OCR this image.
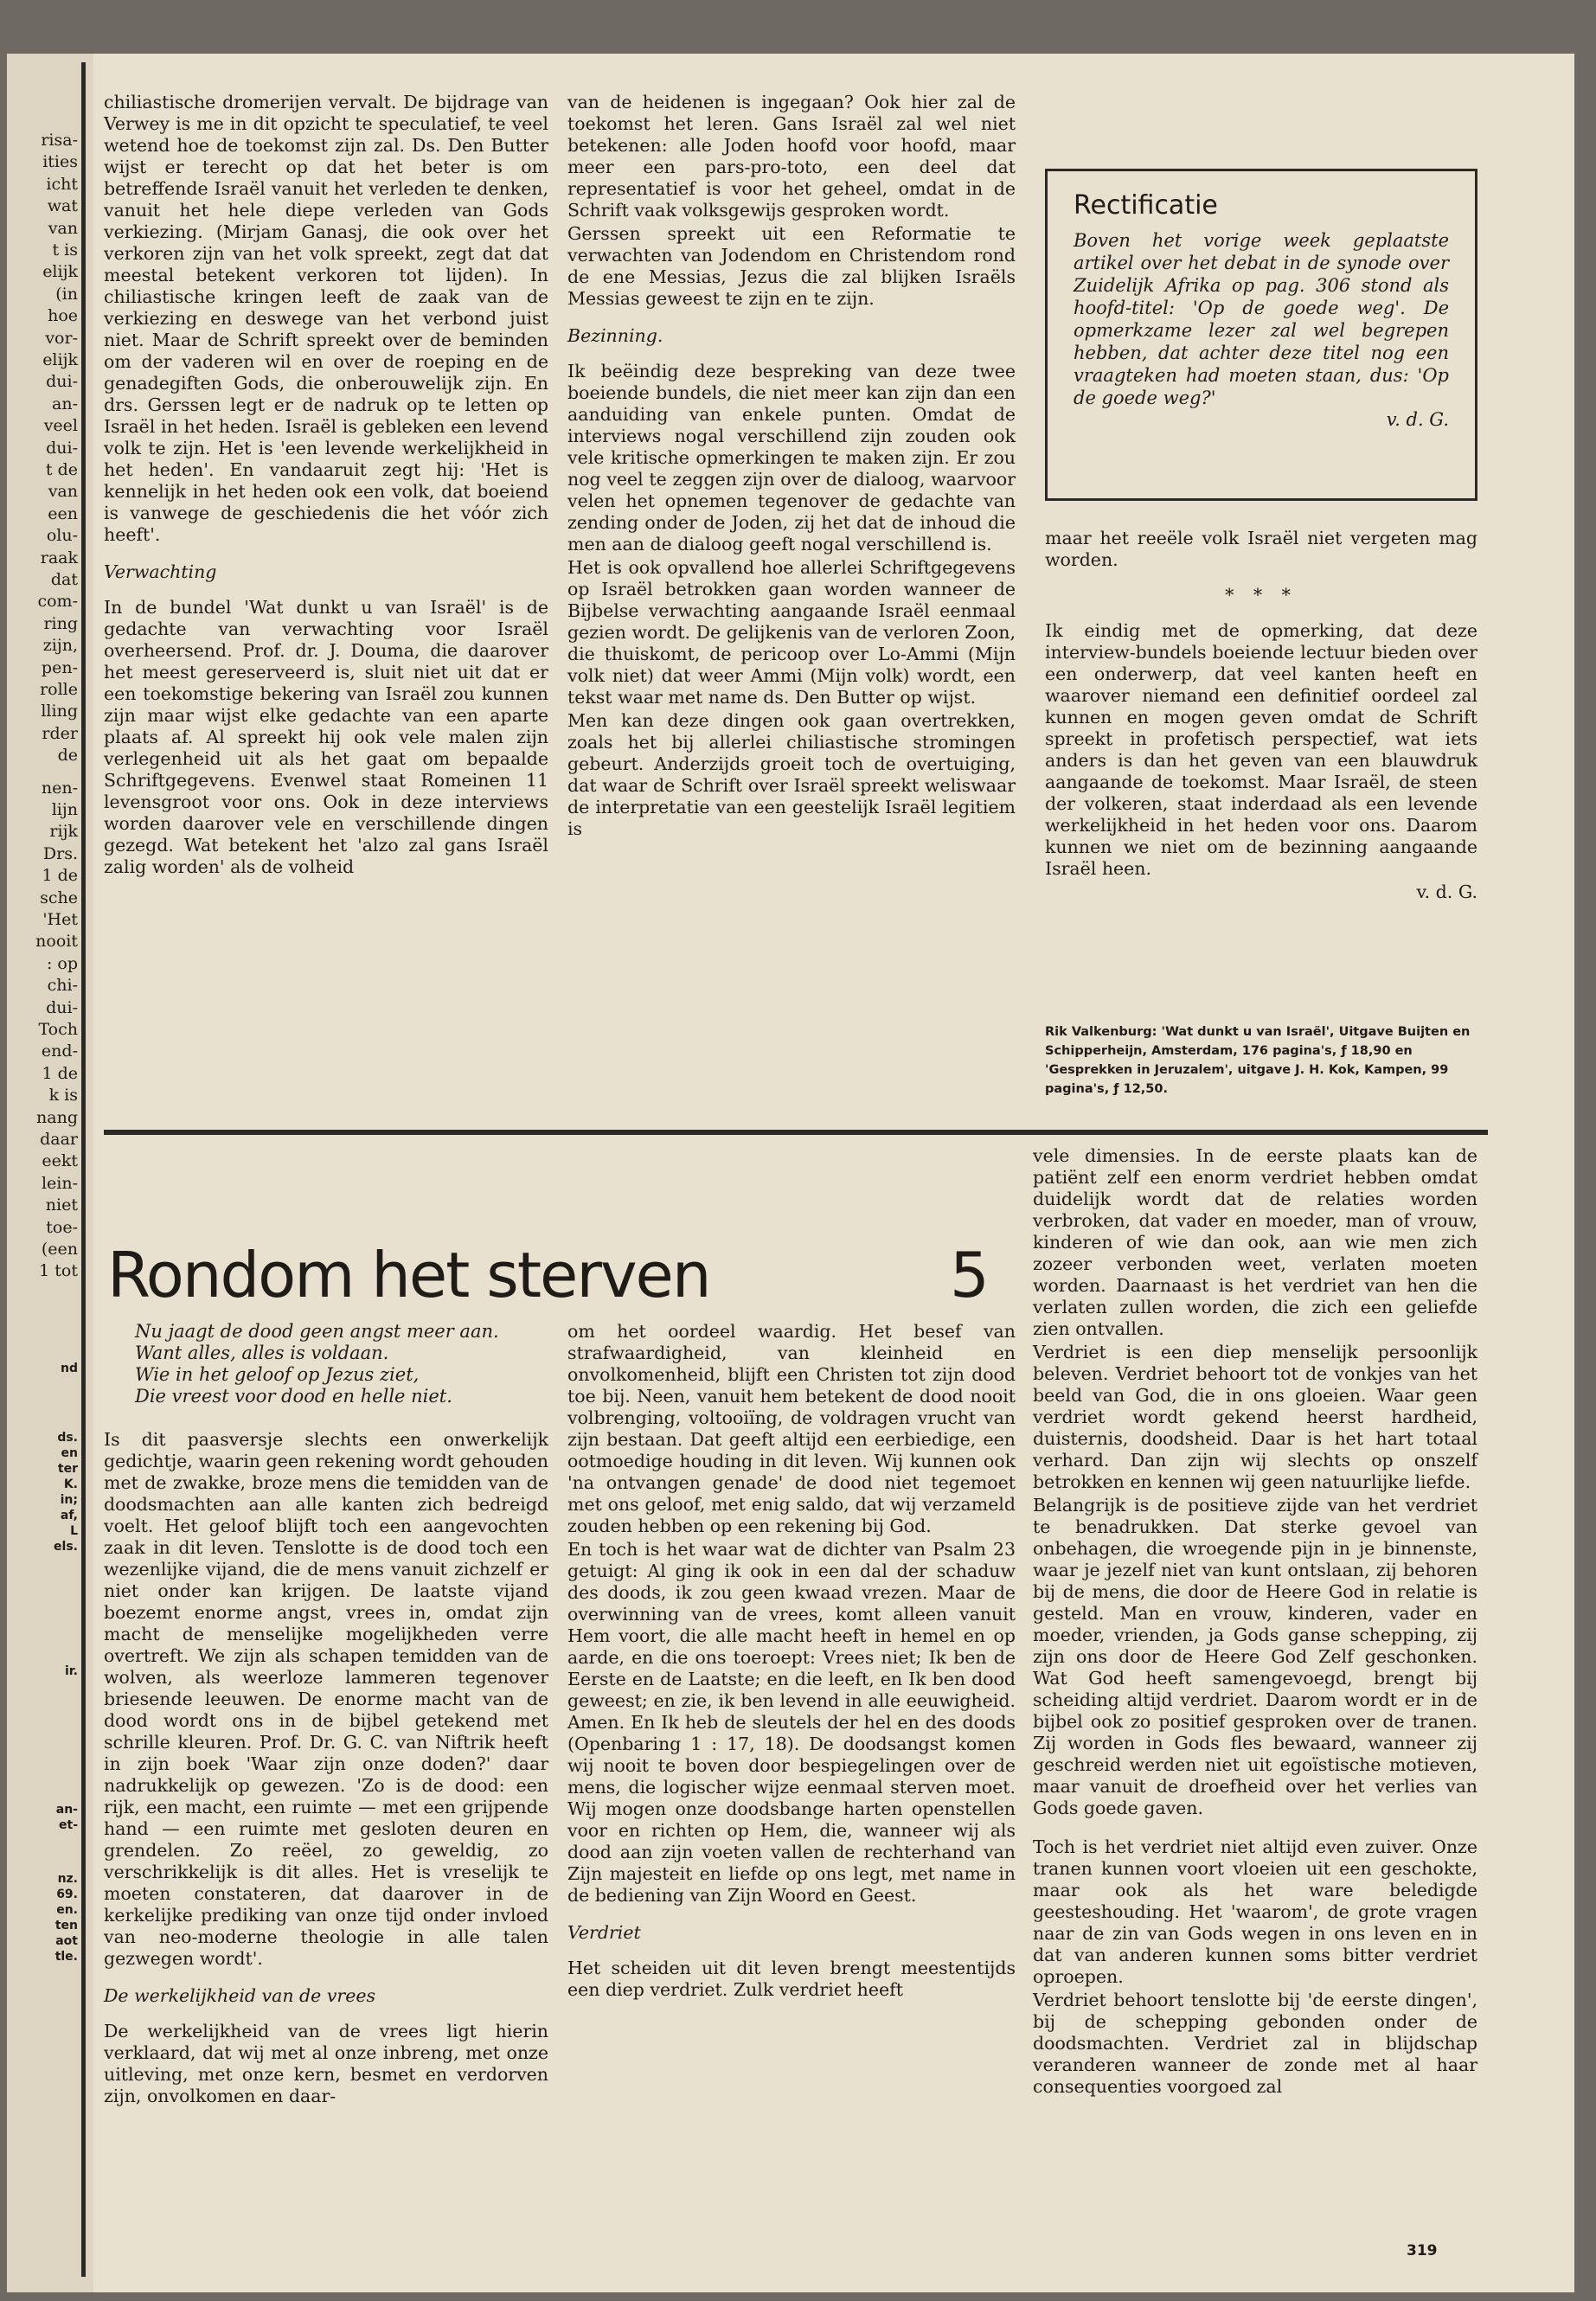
risa-
ities
icht
wat
van
t is
elijk
(in
hoe
vor-
elijk
dui-
an-
veel
dui-
t de
van
een
olu-
raak
dat
com-
ring
zijn,
pen-
rolle
lling
rder
de
nen-
lijn
rijk
Drs.
1 de
sche
'Het
nooit
: op
chi-
dui-
Toch
end-
1 de
k is
nang
daar
eekt
lein-
niet
toe-
(een
1 tot
nd
ds.
en
ter
K.
in;
af,
L
els.
ir.
an-
et-
nz.
69.
en.
ten
aot
tle.

chiliastische dromerijen vervalt. De bijdrage van Verwey is me in dit opzicht te speculatief, te veel wetend hoe de toekomst zijn zal. Ds. Den Butter wijst er terecht op dat het beter is om betreffende Israël vanuit het verleden te denken, vanuit het hele diepe verleden van Gods verkiezing. (Mirjam Ganasj, die ook over het verkoren zijn van het volk spreekt, zegt dat dat meestal betekent verkoren tot lijden). In chiliastische kringen leeft de zaak van de verkiezing en deswege van het verbond juist niet. Maar de Schrift spreekt over de beminden om der vaderen wil en over de roeping en de genadegiften Gods, die onberouwelijk zijn. En drs. Gerssen legt er de nadruk op te letten op Israël in het heden. Israël is gebleken een levend volk te zijn. Het is 'een levende werkelijkheid in het heden'. En vandaaruit zegt hij: 'Het is kennelijk in het heden ook een volk, dat boeiend is vanwege de geschiedenis die het vóór zich heeft'.

Verwachting

In de bundel 'Wat dunkt u van Israël' is de gedachte van verwachting voor Israël overheersend. Prof. dr. J. Douma, die daarover het meest gereserveerd is, sluit niet uit dat er een toekomstige bekering van Israël zou kunnen zijn maar wijst elke gedachte van een aparte plaats af. Al spreekt hij ook vele malen zijn verlegenheid uit als het gaat om bepaalde Schriftgegevens. Evenwel staat Romeinen 11 levensgroot voor ons. Ook in deze interviews worden daarover vele en verschillende dingen gezegd. Wat betekent het 'alzo zal gans Israël zalig worden' als de volheid

van de heidenen is ingegaan? Ook hier zal de toekomst het leren. Gans Israël zal wel niet betekenen: alle Joden hoofd voor hoofd, maar meer een pars-pro-toto, een deel dat representatief is voor het geheel, omdat in de Schrift vaak volksgewijs gesproken wordt.

Gerssen spreekt uit een Reformatie te verwachten van Jodendom en Christendom rond de ene Messias, Jezus die zal blijken Israëls Messias geweest te zijn en te zijn.

Bezinning.

Ik beëindig deze bespreking van deze twee boeiende bundels, die niet meer kan zijn dan een aanduiding van enkele punten. Omdat de interviews nogal verschillend zijn zouden ook vele kritische opmerkingen te maken zijn. Er zou nog veel te zeggen zijn over de dialoog, waarvoor velen het opnemen tegenover de gedachte van zending onder de Joden, zij het dat de inhoud die men aan de dialoog geeft nogal verschillend is.

Het is ook opvallend hoe allerlei Schriftgegevens op Israël betrokken gaan worden wanneer de Bijbelse verwachting aangaande Israël eenmaal gezien wordt. De gelijkenis van de verloren Zoon, die thuiskomt, de pericoop over Lo-Ammi (Mijn volk niet) dat weer Ammi (Mijn volk) wordt, een tekst waar met name ds. Den Butter op wijst.

Men kan deze dingen ook gaan overtrekken, zoals het bij allerlei chiliastische stromingen gebeurt. Anderzijds groeit toch de overtuiging, dat waar de Schrift over Israël spreekt weliswaar de interpretatie van een geestelijk Israël legitiem is

Rectificatie
Boven het vorige week geplaatste artikel over het debat in de synode over Zuidelijk Afrika op pag. 306 stond als hoofd-titel: 'Op de goede weg'. De opmerkzame lezer zal wel begrepen hebben, dat achter deze titel nog een vraagteken had moeten staan, dus: 'Op de goede weg?'
v. d. G.

maar het reeële volk Israël niet vergeten mag worden.

* * *

Ik eindig met de opmerking, dat deze interview-bundels boeiende lectuur bieden over een onderwerp, dat veel kanten heeft en waarover niemand een definitief oordeel zal kunnen en mogen geven omdat de Schrift spreekt in profetisch perspectief, wat iets anders is dan het geven van een blauwdruk aangaande de toekomst. Maar Israël, de steen der volkeren, staat inderdaad als een levende werkelijkheid in het heden voor ons. Daarom kunnen we niet om de bezinning aangaande Israël heen.

v. d. G.
Rik Valkenburg: 'Wat dunkt u van Israël', Uitgave Buijten en Schipperheijn, Amsterdam, 176 pagina's, ƒ 18,90 en 'Gesprekken in Jeruzalem', uitgave J. H. Kok, Kampen, 99 pagina's, ƒ 12,50.
Rondom het sterven	5
Nu jaagt de dood geen angst meer aan.
Want alles, alles is voldaan.
Wie in het geloof op Jezus ziet,
Die vreest voor dood en helle niet.

Is dit paasversje slechts een onwerkelijk gedichtje, waarin geen rekening wordt gehouden met de zwakke, broze mens die temidden van de doodsmachten aan alle kanten zich bedreigd voelt. Het geloof blijft toch een aangevochten zaak in dit leven. Tenslotte is de dood toch een wezenlijke vijand, die de mens vanuit zichzelf er niet onder kan krijgen. De laatste vijand boezemt enorme angst, vrees in, omdat zijn macht de menselijke mogelijkheden verre overtreft. We zijn als schapen temidden van de wolven, als weerloze lammeren tegenover briesende leeuwen. De enorme macht van de dood wordt ons in de bijbel getekend met schrille kleuren. Prof. Dr. G. C. van Niftrik heeft in zijn boek 'Waar zijn onze doden?' daar nadrukkelijk op gewezen. 'Zo is de dood: een rijk, een macht, een ruimte — met een grijpende hand — een ruimte met gesloten deuren en grendelen. Zo reëel, zo geweldig, zo verschrikkelijk is dit alles. Het is vreselijk te moeten constateren, dat daarover in de kerkelijke prediking van onze tijd onder invloed van neo-moderne theologie in alle talen gezwegen wordt'.

De werkelijkheid van de vrees

De werkelijkheid van de vrees ligt hierin verklaard, dat wij met al onze inbreng, met onze uitleving, met onze kern, besmet en verdorven zijn, onvolkomen en daar-

om het oordeel waardig. Het besef van strafwaardigheid, van kleinheid en onvolkomenheid, blijft een Christen tot zijn dood toe bij. Neen, vanuit hem betekent de dood nooit volbrenging, voltooiïng, de voldragen vrucht van zijn bestaan. Dat geeft altijd een eerbiedige, een ootmoedige houding in dit leven. Wij kunnen ook 'na ontvangen genade' de dood niet tegemoet met ons geloof, met enig saldo, dat wij verzameld zouden hebben op een rekening bij God.

En toch is het waar wat de dichter van Psalm 23 getuigt: Al ging ik ook in een dal der schaduw des doods, ik zou geen kwaad vrezen. Maar de overwinning van de vrees, komt alleen vanuit Hem voort, die alle macht heeft in hemel en op aarde, en die ons toeroept: Vrees niet; Ik ben de Eerste en de Laatste; en die leeft, en Ik ben dood geweest; en zie, ik ben levend in alle eeuwigheid. Amen. En Ik heb de sleutels der hel en des doods (Openbaring 1 : 17, 18). De doodsangst komen wij nooit te boven door bespiegelingen over de mens, die logischer wijze eenmaal sterven moet. Wij mogen onze doodsbange harten openstellen voor en richten op Hem, die, wanneer wij als dood aan zijn voeten vallen de rechterhand van Zijn majesteit en liefde op ons legt, met name in de bediening van Zijn Woord en Geest.

Verdriet

Het scheiden uit dit leven brengt meestentijds een diep verdriet. Zulk verdriet heeft

vele dimensies. In de eerste plaats kan de patiënt zelf een enorm verdriet hebben omdat duidelijk wordt dat de relaties worden verbroken, dat vader en moeder, man of vrouw, kinderen of wie dan ook, aan wie men zich zozeer verbonden weet, verlaten moeten worden. Daarnaast is het verdriet van hen die verlaten zullen worden, die zich een geliefde zien ontvallen.

Verdriet is een diep menselijk persoonlijk beleven. Verdriet behoort tot de vonkjes van het beeld van God, die in ons gloeien. Waar geen verdriet wordt gekend heerst hardheid, duisternis, doodsheid. Daar is het hart totaal verhard. Dan zijn wij slechts op onszelf betrokken en kennen wij geen natuurlijke liefde.

Belangrijk is de positieve zijde van het verdriet te benadrukken. Dat sterke gevoel van onbehagen, die wroegende pijn in je binnenste, waar je jezelf niet van kunt ontslaan, zij behoren bij de mens, die door de Heere God in relatie is gesteld. Man en vrouw, kinderen, vader en moeder, vrienden, ja Gods ganse schepping, zij zijn ons door de Heere God Zelf geschonken. Wat God heeft samengevoegd, brengt bij scheiding altijd verdriet. Daarom wordt er in de bijbel ook zo positief gesproken over de tranen. Zij worden in Gods fles bewaard, wanneer zij geschreid werden niet uit egoïstische motieven, maar vanuit de droefheid over het verlies van Gods goede gaven.

Toch is het verdriet niet altijd even zuiver. Onze tranen kunnen voort vloeien uit een geschokte, maar ook als het ware beledigde geesteshouding. Het 'waarom', de grote vragen naar de zin van Gods wegen in ons leven en in dat van anderen kunnen soms bitter verdriet oproepen.

Verdriet behoort tenslotte bij 'de eerste dingen', bij de schepping gebonden onder de doodsmachten. Verdriet zal in blijdschap veranderen wanneer de zonde met al haar consequenties voorgoed zal

319
